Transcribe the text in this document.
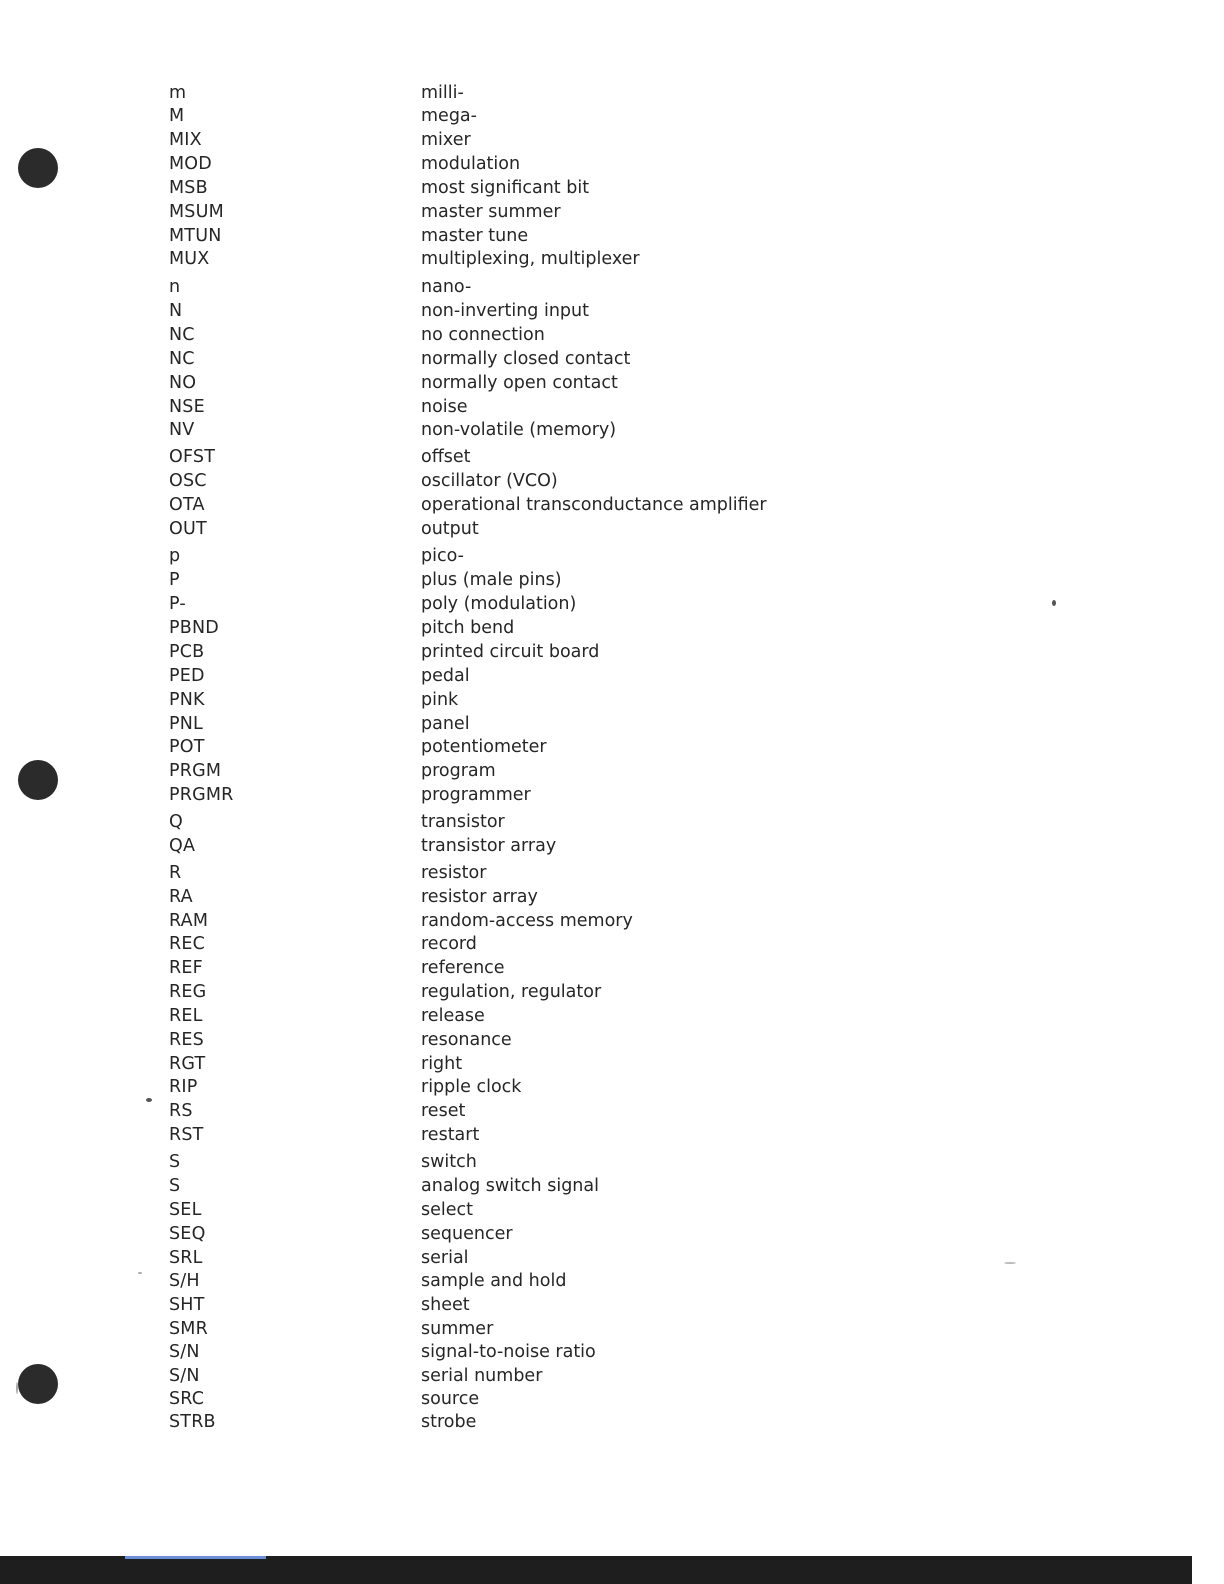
m	milli-
M	mega-
MIX	mixer
MOD	modulation
MSB	most significant bit
MSUM	master summer
MTUN	master tune
MUX	multiplexing, multiplexer
n	nano-
N	non-inverting input
NC	no connection
NC	normally closed contact
NO	normally open contact
NSE	noise
NV	non-volatile (memory)
OFST	offset
OSC	oscillator (VCO)
OTA	operational transconductance amplifier
OUT	output
p	pico-
P	plus (male pins)
P-	poly (modulation)
PBND	pitch bend
PCB	printed circuit board
PED	pedal
PNK	pink
PNL	panel
POT	potentiometer
PRGM	program
PRGMR	programmer
Q	transistor
QA	transistor array
R	resistor
RA	resistor array
RAM	random-access memory
REC	record
REF	reference
REG	regulation, regulator
REL	release
RES	resonance
RGT	right
RIP	ripple clock
RS	reset
RST	restart
S	switch
S	analog switch signal
SEL	select
SEQ	sequencer
SRL	serial
S/H	sample and hold
SHT	sheet
SMR	summer
S/N	signal-to-noise ratio
S/N	serial number
SRC	source
STRB	strobe
